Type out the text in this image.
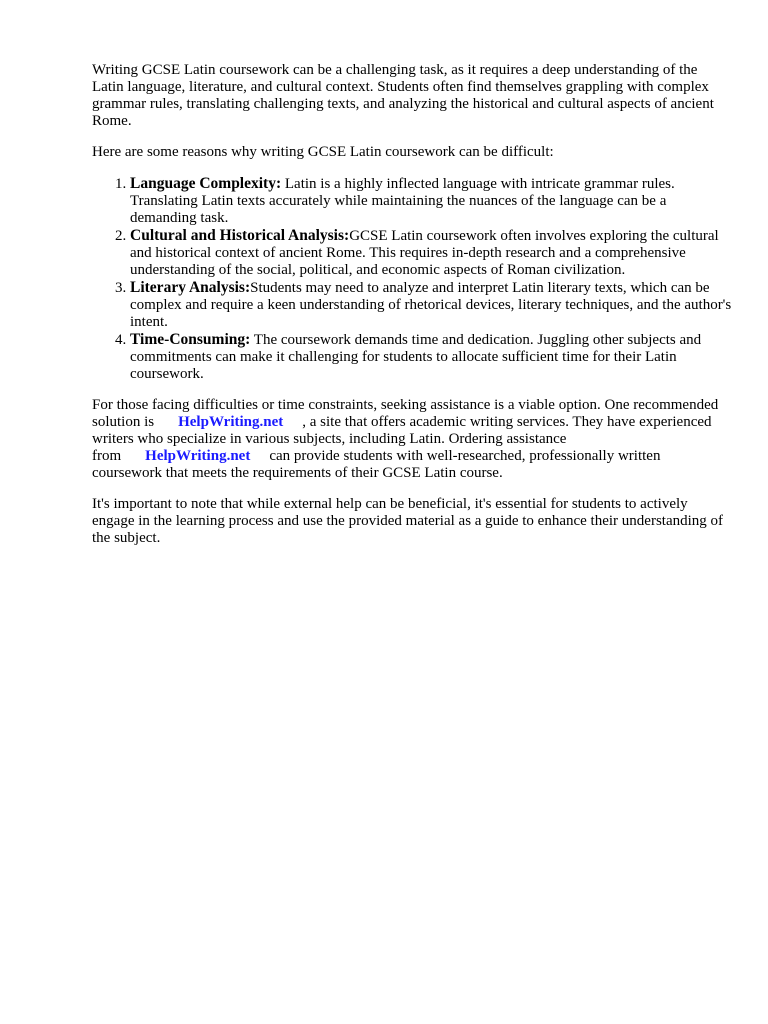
Writing GCSE Latin coursework can be a challenging task, as it requires a deep understanding of the Latin language, literature, and cultural context. Students often find themselves grappling with complex grammar rules, translating challenging texts, and analyzing the historical and cultural aspects of ancient Rome.

Here are some reasons why writing GCSE Latin coursework can be difficult:

1. Language Complexity: Latin is a highly inflected language with intricate grammar rules. Translating Latin texts accurately while maintaining the nuances of the language can be a demanding task.
2. Cultural and Historical Analysis:GCSE Latin coursework often involves exploring the cultural and historical context of ancient Rome. This requires in-depth research and a comprehensive understanding of the social, political, and economic aspects of Roman civilization.
3. Literary Analysis:Students may need to analyze and interpret Latin literary texts, which can be complex and require a keen understanding of rhetorical devices, literary techniques, and the author's intent.
4. Time-Consuming: The coursework demands time and dedication. Juggling other subjects and commitments can make it challenging for students to allocate sufficient time for their Latin coursework.

For those facing difficulties or time constraints, seeking assistance is a viable option. One recommended solution is HelpWriting.net , a site that offers academic writing services. They have experienced writers who specialize in various subjects, including Latin. Ordering assistance from HelpWriting.net can provide students with well-researched, professionally written coursework that meets the requirements of their GCSE Latin course.

It's important to note that while external help can be beneficial, it's essential for students to actively engage in the learning process and use the provided material as a guide to enhance their understanding of the subject.
